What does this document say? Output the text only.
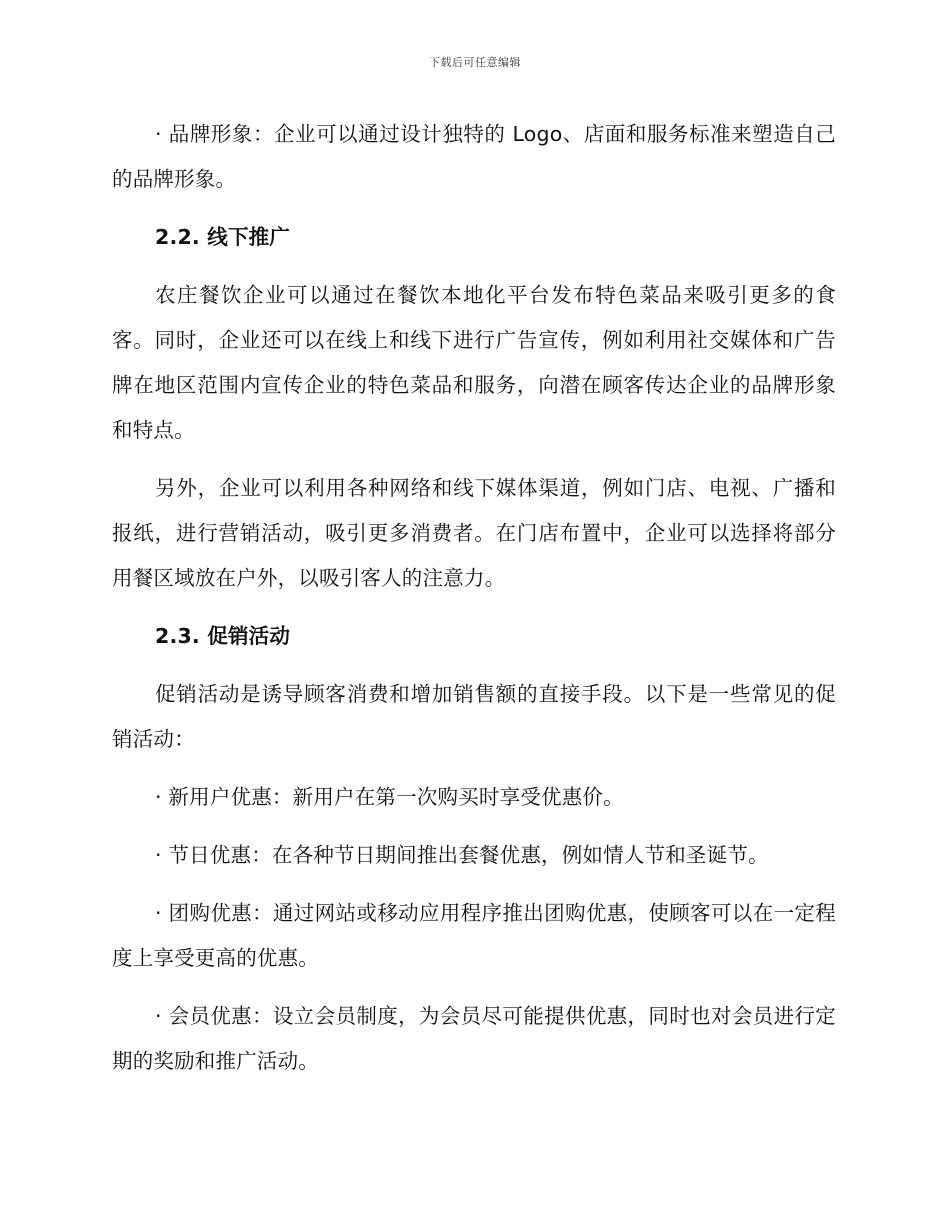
下载后可任意编辑

· 品牌形象：企业可以通过设计独特的 Logo、店面和服务标准来塑造自己的品牌形象。

2.2. 线下推广

农庄餐饮企业可以通过在餐饮本地化平台发布特色菜品来吸引更多的食客。同时，企业还可以在线上和线下进行广告宣传，例如利用社交媒体和广告牌在地区范围内宣传企业的特色菜品和服务，向潜在顾客传达企业的品牌形象和特点。

另外，企业可以利用各种网络和线下媒体渠道，例如门店、电视、广播和报纸，进行营销活动，吸引更多消费者。在门店布置中，企业可以选择将部分用餐区域放在户外，以吸引客人的注意力。

2.3. 促销活动

促销活动是诱导顾客消费和增加销售额的直接手段。以下是一些常见的促销活动：

· 新用户优惠：新用户在第一次购买时享受优惠价。

· 节日优惠：在各种节日期间推出套餐优惠，例如情人节和圣诞节。

· 团购优惠：通过网站或移动应用程序推出团购优惠，使顾客可以在一定程度上享受更高的优惠。

· 会员优惠：设立会员制度，为会员尽可能提供优惠，同时也对会员进行定期的奖励和推广活动。
